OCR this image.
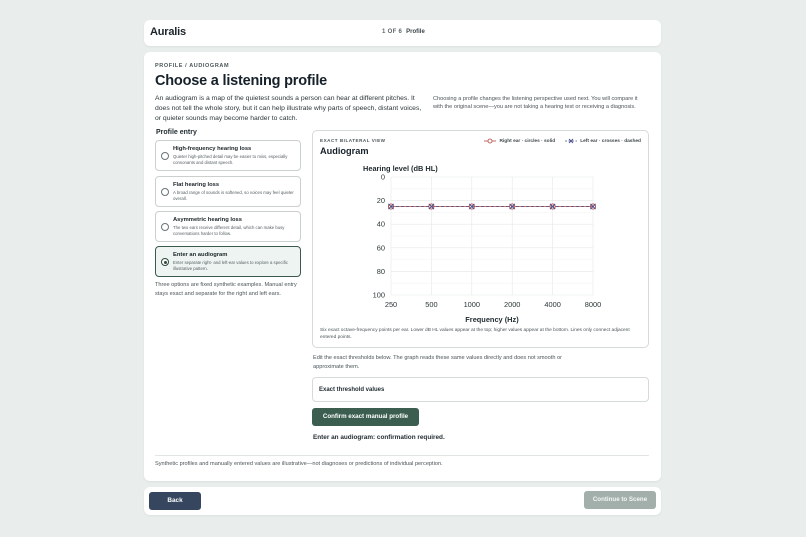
Auralis	1 OF 6 Profile
PROFILE / AUDIOGRAM
Choose a listening profile
An audiogram is a map of the quietest sounds a person can hear at different pitches. It does not tell the whole story, but it can help illustrate why parts of speech, distant voices, or quieter sounds may become harder to catch.
Choosing a profile changes the listening perspective used next. You will compare it with the original scene—you are not taking a hearing test or receiving a diagnosis.
Profile entry
High-frequency hearing loss
Quieter high-pitched detail may be easier to miss, especially consonants and distant speech.
Flat hearing loss
A broad range of sounds is softened, so voices may feel quieter overall.
Asymmetric hearing loss
The two ears receive different detail, which can make busy conversations harder to follow.
Enter an audiogram
Enter separate right- and left-ear values to explore a specific illustrative pattern.
Three options are fixed synthetic examples. Manual entry stays exact and separate for the right and left ears.
EXACT BILATERAL VIEW
Audiogram
Right ear · circles · solid	Left ear · crosses · dashed
0
20
40
60
80
100
250	500	1000	2000	4000	8000
Hearing level (dB HL)
Frequency (Hz)
Six exact octave-frequency points per ear. Lower dB HL values appear at the top; higher values appear at the bottom. Lines only connect adjacent entered points.
Edit the exact thresholds below. The graph reads these same values directly and does not smooth or approximate them.
Exact threshold values
Confirm exact manual profile
Enter an audiogram: confirmation required.
Synthetic profiles and manually entered values are illustrative—not diagnoses or predictions of individual perception.
Back	Continue to Scene
